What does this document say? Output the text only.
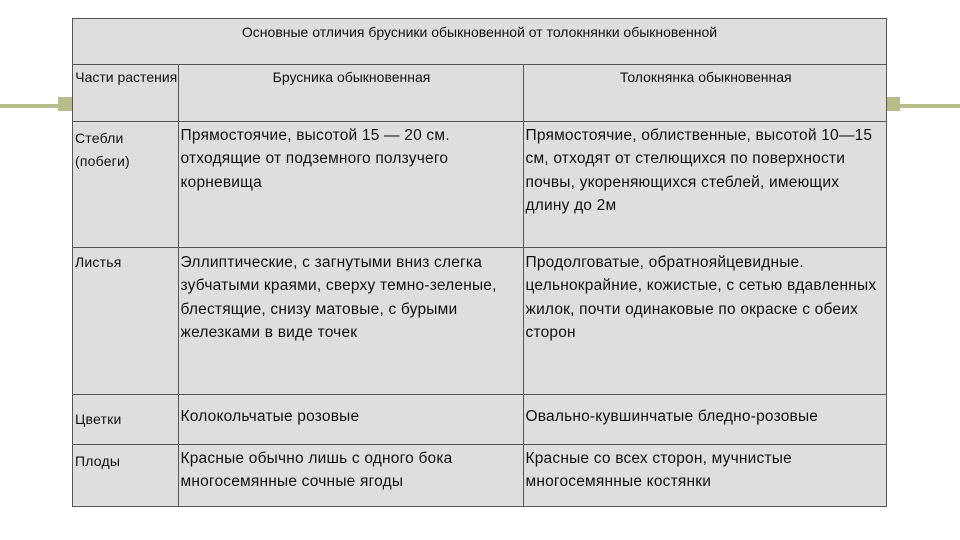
Основные отличия брусники обыкновенной от толокнянки обыкновенной
Части растения	Брусника обыкновенная	Толокнянка обыкновенная
Стебли (побеги)	Прямостоячие, высотой 15 — 20 см. отходящие от подземного ползучего корневища	Прямостоячие, облиственные, высотой 10—15 см, отходят от стелющихся по поверхности почвы, укореняющихся стеблей, имеющих длину до 2м
Листья	Эллиптические, с загнутыми вниз слегка зубчатыми краями, сверху темно-зеленые, блестящие, снизу матовые, с бурыми железками в виде точек	Продолговатые, обратнояйцевидные. цельнокрайние, кожистые, с сетью вдавленных жилок, почти одинаковые по окраске с обеих сторон
Цветки	Колокольчатые розовые	Овально-кувшинчатые бледно-розовые
Плоды	Красные обычно лишь с одного бока многосемянные сочные ягоды	Красные со всех сторон, мучнистые многосемянные костянки
